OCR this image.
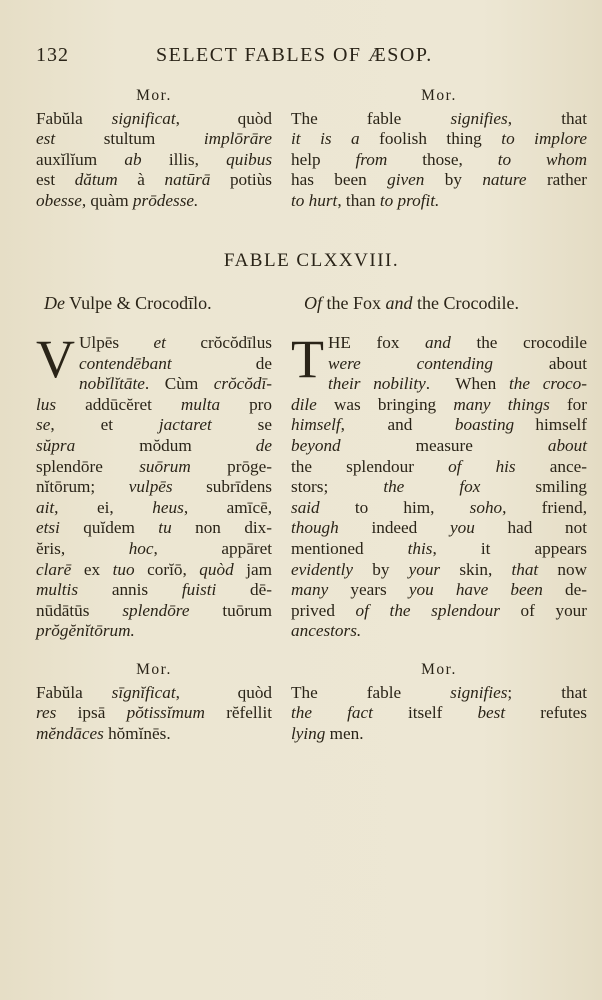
132	SELECT FABLES OF ÆSOP.
Mor.
Fabŭla significat,  quòd
est  stultum  implōrāre
auxĭlĭum ab illis, quibus
est dătum à natūrā potiùs
obesse, quàm prōdesse.
Mor.
The  fable  signifies,  that
it is a foolish thing to implore
help  from  those,  to  whom
has been given by nature rather
to hurt, than to profit.
FABLE CLXXVIII.
De Vulpe & Crocodīlo.	Of the Fox and the Crocodile.
V Ulpēs et crŏcŏdīlus
contendēbant  de
nobĭlĭtāte. Cùm crŏcŏdī-
lus addūcĕret multa pro
se,   et   jactaret   se
sŭpra   mŏdum   de
splendōre suōrum prōge-
nĭtōrum; vulpēs subrīdens
ait,  ei,  heus,  amīcē,
etsi quĭdem tu non dix-
ĕris,  hoc,  appāret
clarē ex tuo corĭō, quòd jam
multis  annis  fuisti  dē-
nūdātūs splendōre tuōrum
prŏgĕnĭtōrum.
T HE fox and the crocodile
were   contending   about
their nobility.  When the croco-
dile was bringing many things for
himself,  and  boasting himself
beyond    measure    about
the  splendour  of  his  ance-
stors;  the  fox  smiling
said  to  him,  soho,  friend,
though  indeed  you  had  not
mentioned  this,  it  appears
evidently by your skin, that now
many years you have been de-
prived of the splendour of your
ancestors.
Mor.
Fabŭla sīgnĭficat,  quòd
res ipsā pŏtissĭmum rĕfellit
mĕndāces hŏmĭnēs.
Mor.
The  fable  signifies;  that
the  fact  itself  best  refutes
lying men.
